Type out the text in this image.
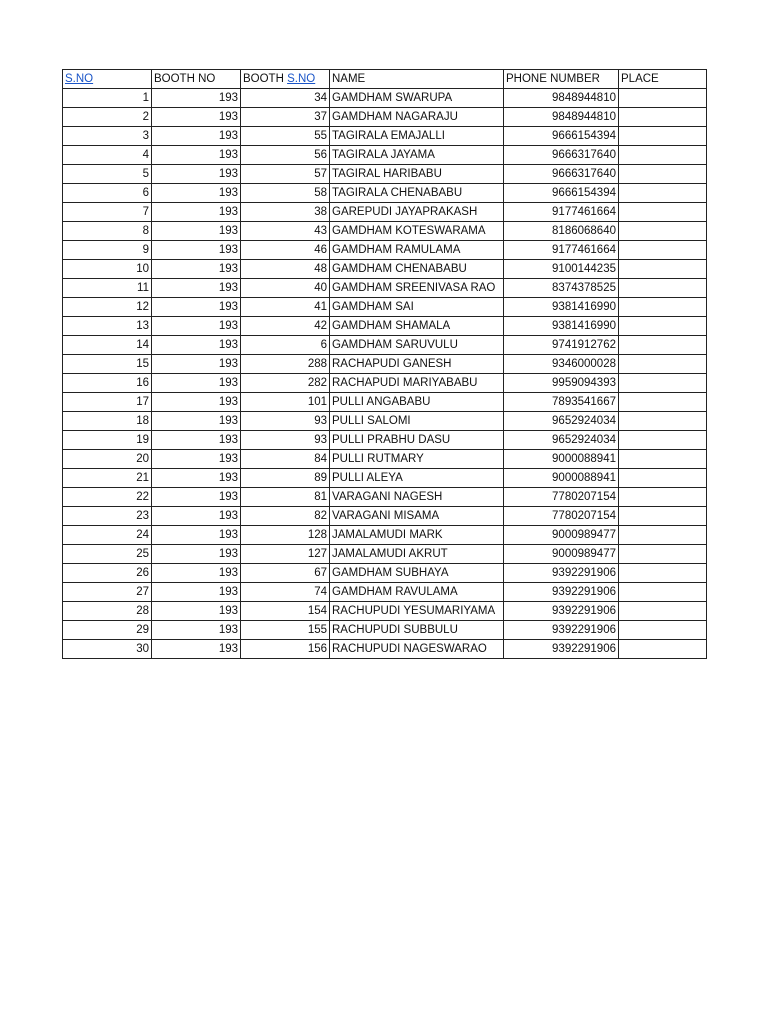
S.NO	BOOTH NO	BOOTH S.NO	NAME	PHONE NUMBER	PLACE
1	193	34	GAMDHAM SWARUPA	9848944810	
2	193	37	GAMDHAM NAGARAJU	9848944810	
3	193	55	TAGIRALA EMAJALLI	9666154394	
4	193	56	TAGIRALA JAYAMA	9666317640	
5	193	57	TAGIRAL HARIBABU	9666317640	
6	193	58	TAGIRALA CHENABABU	9666154394	
7	193	38	GAREPUDI JAYAPRAKASH	9177461664	
8	193	43	GAMDHAM KOTESWARAMA	8186068640	
9	193	46	GAMDHAM RAMULAMA	9177461664	
10	193	48	GAMDHAM CHENABABU	9100144235	
11	193	40	GAMDHAM SREENIVASA RAO	8374378525	
12	193	41	GAMDHAM SAI	9381416990	
13	193	42	GAMDHAM SHAMALA	9381416990	
14	193	6	GAMDHAM SARUVULU	9741912762	
15	193	288	RACHAPUDI GANESH	9346000028	
16	193	282	RACHAPUDI MARIYABABU	9959094393	
17	193	101	PULLI ANGABABU	7893541667	
18	193	93	PULLI SALOMI	9652924034	
19	193	93	PULLI PRABHU DASU	9652924034	
20	193	84	PULLI RUTMARY	9000088941	
21	193	89	PULLI ALEYA	9000088941	
22	193	81	VARAGANI NAGESH	7780207154	
23	193	82	VARAGANI MISAMA	7780207154	
24	193	128	JAMALAMUDI MARK	9000989477	
25	193	127	JAMALAMUDI AKRUT	9000989477	
26	193	67	GAMDHAM SUBHAYA	9392291906	
27	193	74	GAMDHAM RAVULAMA	9392291906	
28	193	154	RACHUPUDI YESUMARIYAMA	9392291906	
29	193	155	RACHUPUDI SUBBULU	9392291906	
30	193	156	RACHUPUDI NAGESWARAO	9392291906	
